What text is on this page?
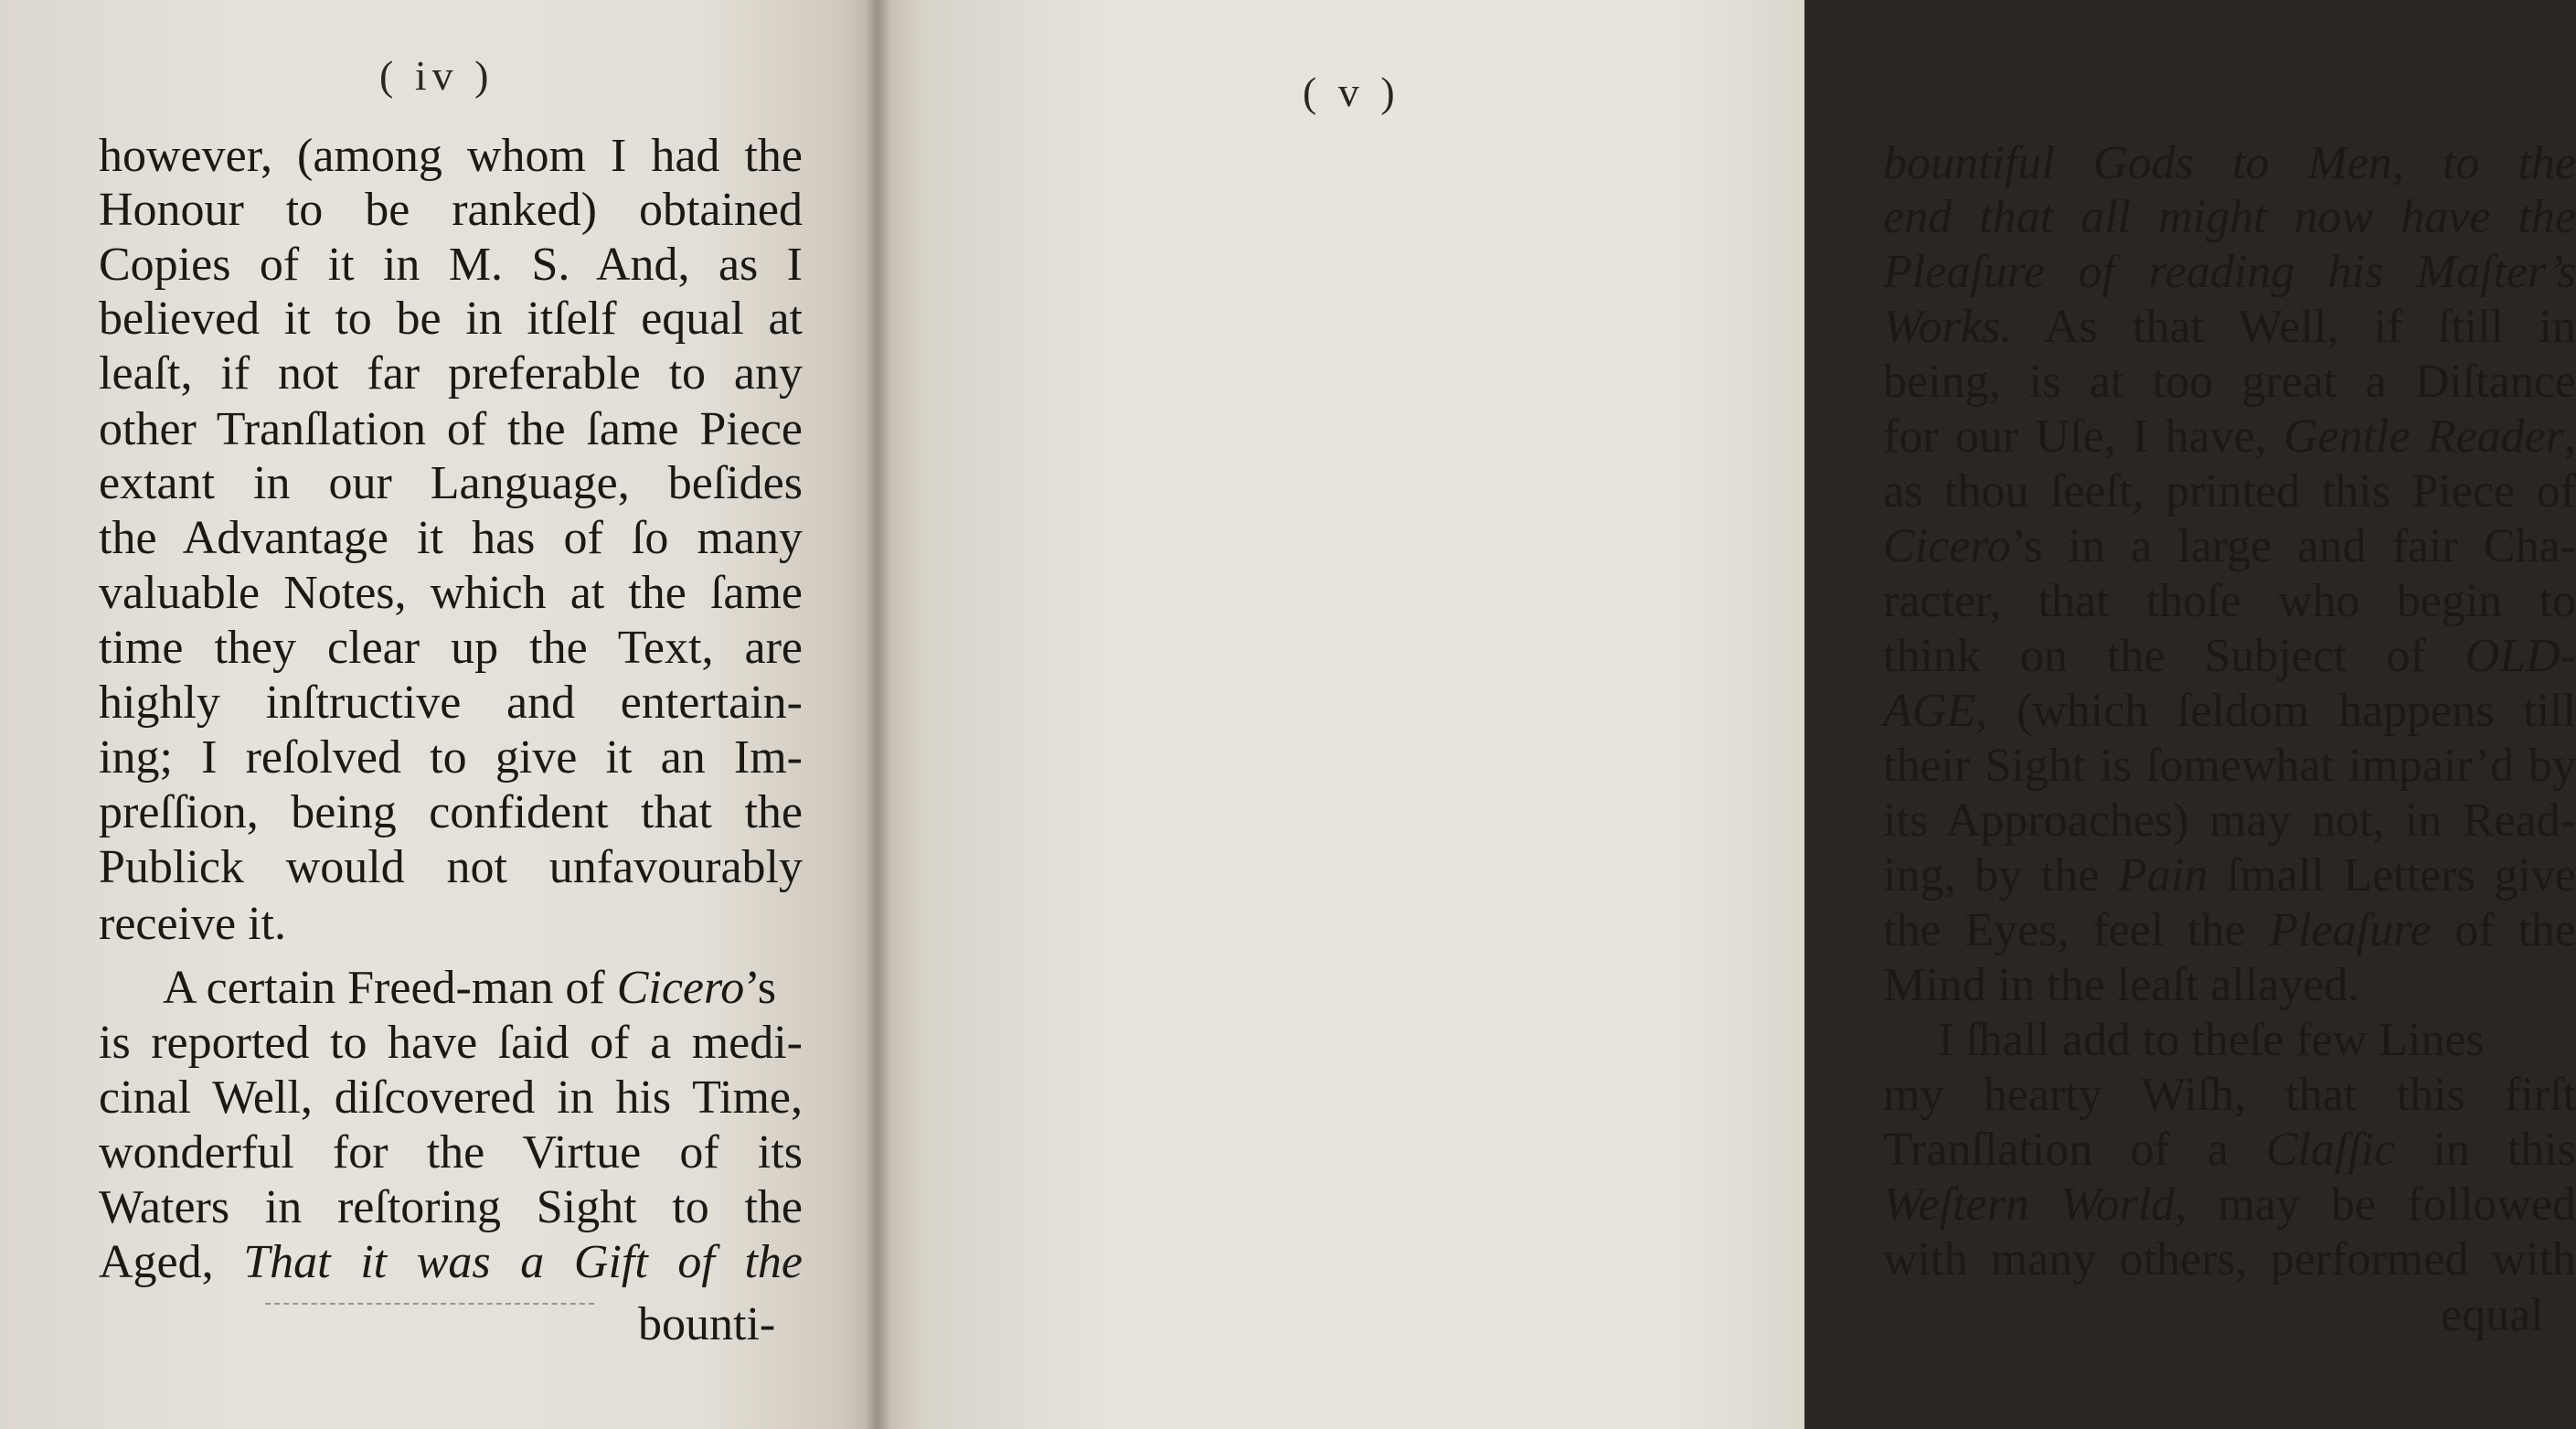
( iv )
however, (among whom I had the
Honour to be ranked) obtained
Copies of it in M. S. And, as I
believed it to be in itſelf equal at
leaſt, if not far preferable to any
other Tranſlation of the ſame Piece
extant in our Language, beſides
the Advantage it has of ſo many
valuable Notes, which at the ſame
time they clear up the Text, are
highly inſtructive and entertain-
ing; I reſolved to give it an Im-
preſſion, being confident that the
Publick would not unfavourably
receive it.
A certain Freed-man of Cicero’s
is reported to have ſaid of a medi-
cinal Well, diſcovered in his Time,
wonderful for the Virtue of its
Waters in reſtoring Sight to the
Aged, That it was a Gift of the
bounti-
( v )
bountiful Gods to Men, to the
end that all might now have the
Pleaſure of reading his Maſter’s
Works. As that Well, if ſtill in
being, is at too great a Diſtance
for our Uſe, I have, Gentle Reader,
as thou ſeeſt, printed this Piece of
Cicero’s in a large and fair Cha-
racter, that thoſe who begin to
think on the Subject of OLD-
AGE, (which ſeldom happens till
their Sight is ſomewhat impair’d by
its Approaches) may not, in Read-
ing, by the Pain ſmall Letters give
the Eyes, feel the Pleaſure of the
Mind in the leaſt allayed.
I ſhall add to theſe few Lines
my hearty Wiſh, that this firſt
Tranſlation of a Claſſic in this
Weſtern World, may be followed
with many others, performed with
equal
